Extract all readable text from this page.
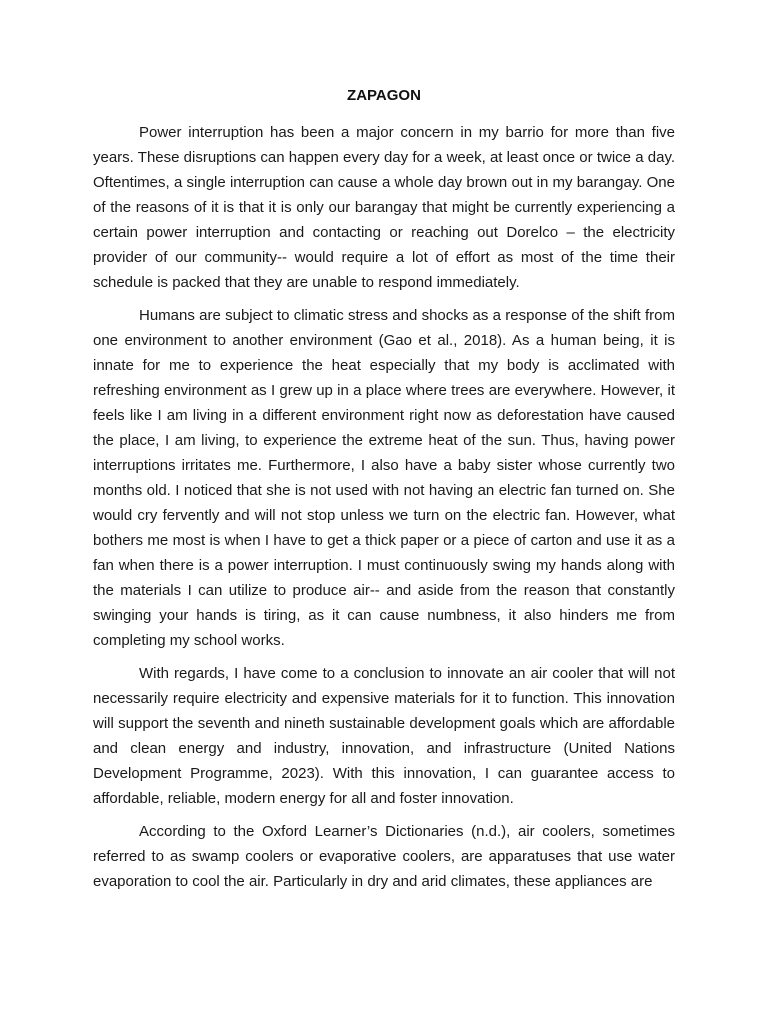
ZAPAGON

Power interruption has been a major concern in my barrio for more than five years. These disruptions can happen every day for a week, at least once or twice a day. Oftentimes, a single interruption can cause a whole day brown out in my barangay. One of the reasons of it is that it is only our barangay that might be currently experiencing a certain power interruption and contacting or reaching out Dorelco – the electricity provider of our community-- would require a lot of effort as most of the time their schedule is packed that they are unable to respond immediately.

Humans are subject to climatic stress and shocks as a response of the shift from one environment to another environment (Gao et al., 2018). As a human being, it is innate for me to experience the heat especially that my body is acclimated with refreshing environment as I grew up in a place where trees are everywhere. However, it feels like I am living in a different environment right now as deforestation have caused the place, I am living, to experience the extreme heat of the sun. Thus, having power interruptions irritates me. Furthermore, I also have a baby sister whose currently two months old. I noticed that she is not used with not having an electric fan turned on. She would cry fervently and will not stop unless we turn on the electric fan. However, what bothers me most is when I have to get a thick paper or a piece of carton and use it as a fan when there is a power interruption. I must continuously swing my hands along with the materials I can utilize to produce air-- and aside from the reason that constantly swinging your hands is tiring, as it can cause numbness, it also hinders me from completing my school works.

With regards, I have come to a conclusion to innovate an air cooler that will not necessarily require electricity and expensive materials for it to function. This innovation will support the seventh and nineth sustainable development goals which are affordable and clean energy and industry, innovation, and infrastructure (United Nations Development Programme, 2023). With this innovation, I can guarantee access to affordable, reliable, modern energy for all and foster innovation.

According to the Oxford Learner’s Dictionaries (n.d.), air coolers, sometimes referred to as swamp coolers or evaporative coolers, are apparatuses that use water evaporation to cool the air. Particularly in dry and arid climates, these appliances are
